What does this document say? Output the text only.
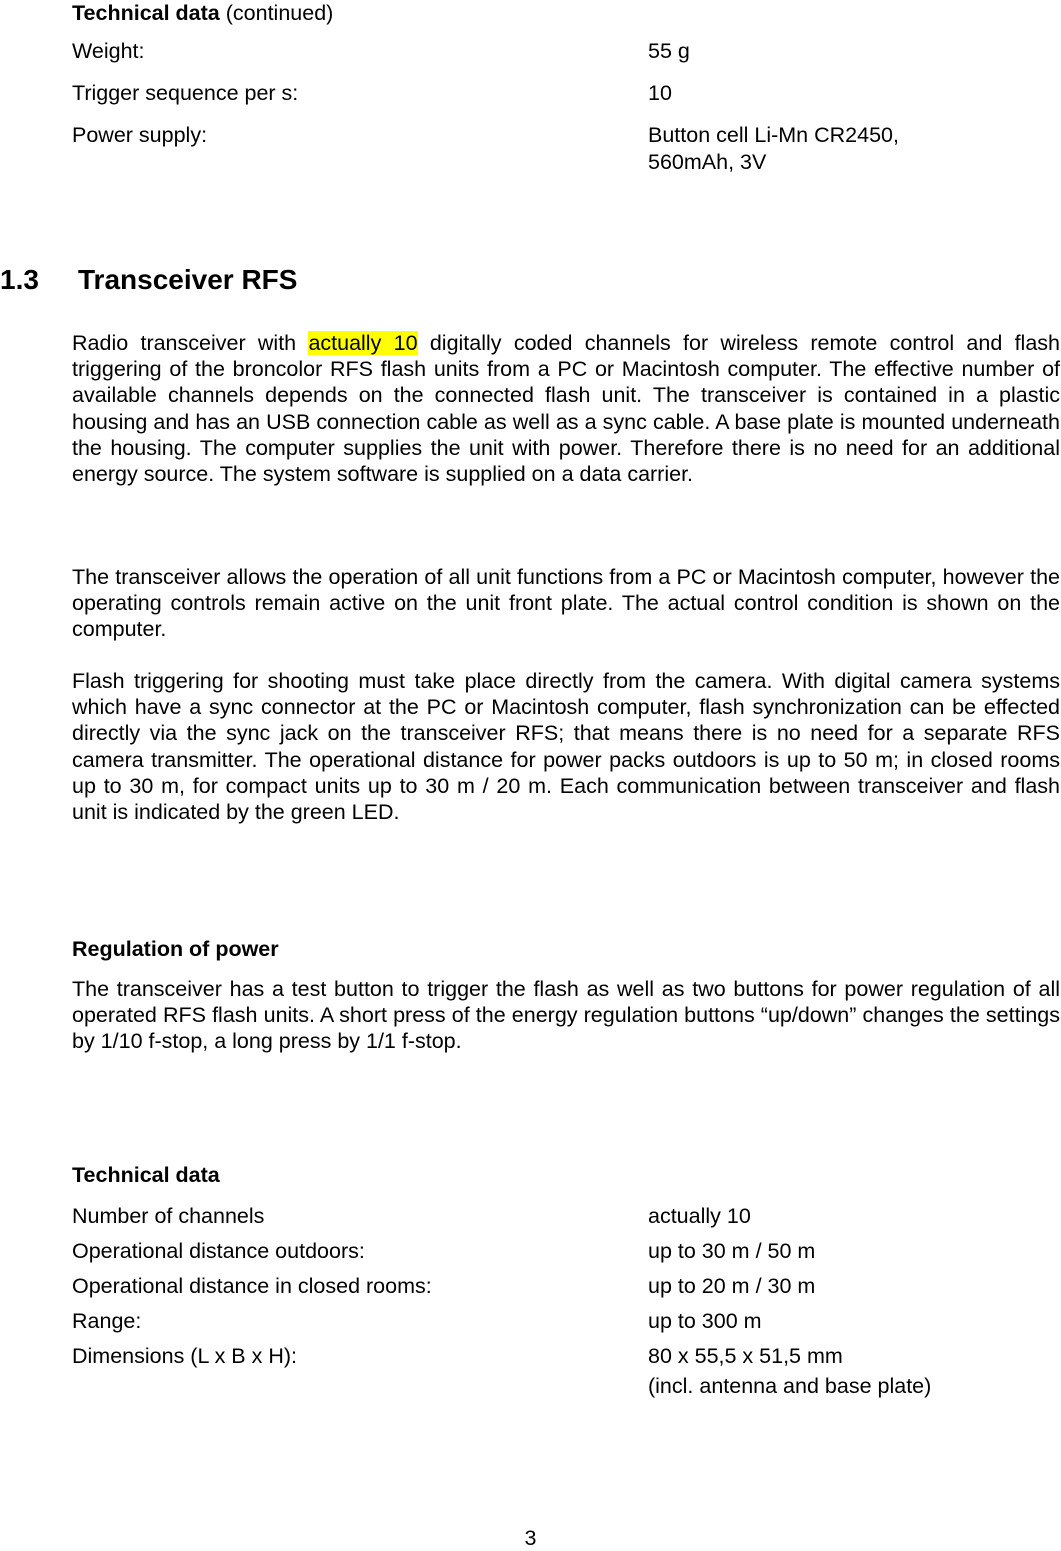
Technical data (continued)
Weight:	55 g
Trigger sequence per s:	10
Power supply:	Button cell Li-Mn CR2450,
560mAh, 3V
1.3 Transceiver RFS
Radio transceiver with actually 10 digitally coded channels for wireless remote control and flash triggering of the broncolor RFS flash units from a PC or Macintosh computer. The effective number of available channels depends on the connected flash unit. The transceiver is contained in a plastic housing and has an USB connection cable as well as a sync cable. A base plate is mounted underneath the housing. The computer supplies the unit with power. Therefore there is no need for an additional energy source. The system software is supplied on a data carrier.
The transceiver allows the operation of all unit functions from a PC or Macintosh computer, however the operating controls remain active on the unit front plate. The actual control condition is shown on the computer.
Flash triggering for shooting must take place directly from the camera. With digital camera systems which have a sync connector at the PC or Macintosh computer, flash synchronization can be effected directly via the sync jack on the transceiver RFS; that means there is no need for a separate RFS camera transmitter. The operational distance for power packs outdoors is up to 50 m; in closed rooms up to 30 m, for compact units up to 30 m / 20 m. Each communication between transceiver and flash unit is indicated by the green LED.
Regulation of power
The transceiver has a test button to trigger the flash as well as two buttons for power regulation of all operated RFS flash units. A short press of the energy regulation buttons “up/down” changes the settings by 1/10 f-stop, a long press by 1/1 f-stop.
Technical data
Number of channels	actually 10
Operational distance outdoors:	up to 30 m / 50 m
Operational distance in closed rooms:	up to 20 m / 30 m
Range:	up to 300 m
Dimensions (L x B x H):	80 x 55,5 x 51,5 mm
(incl. antenna and base plate)
3
